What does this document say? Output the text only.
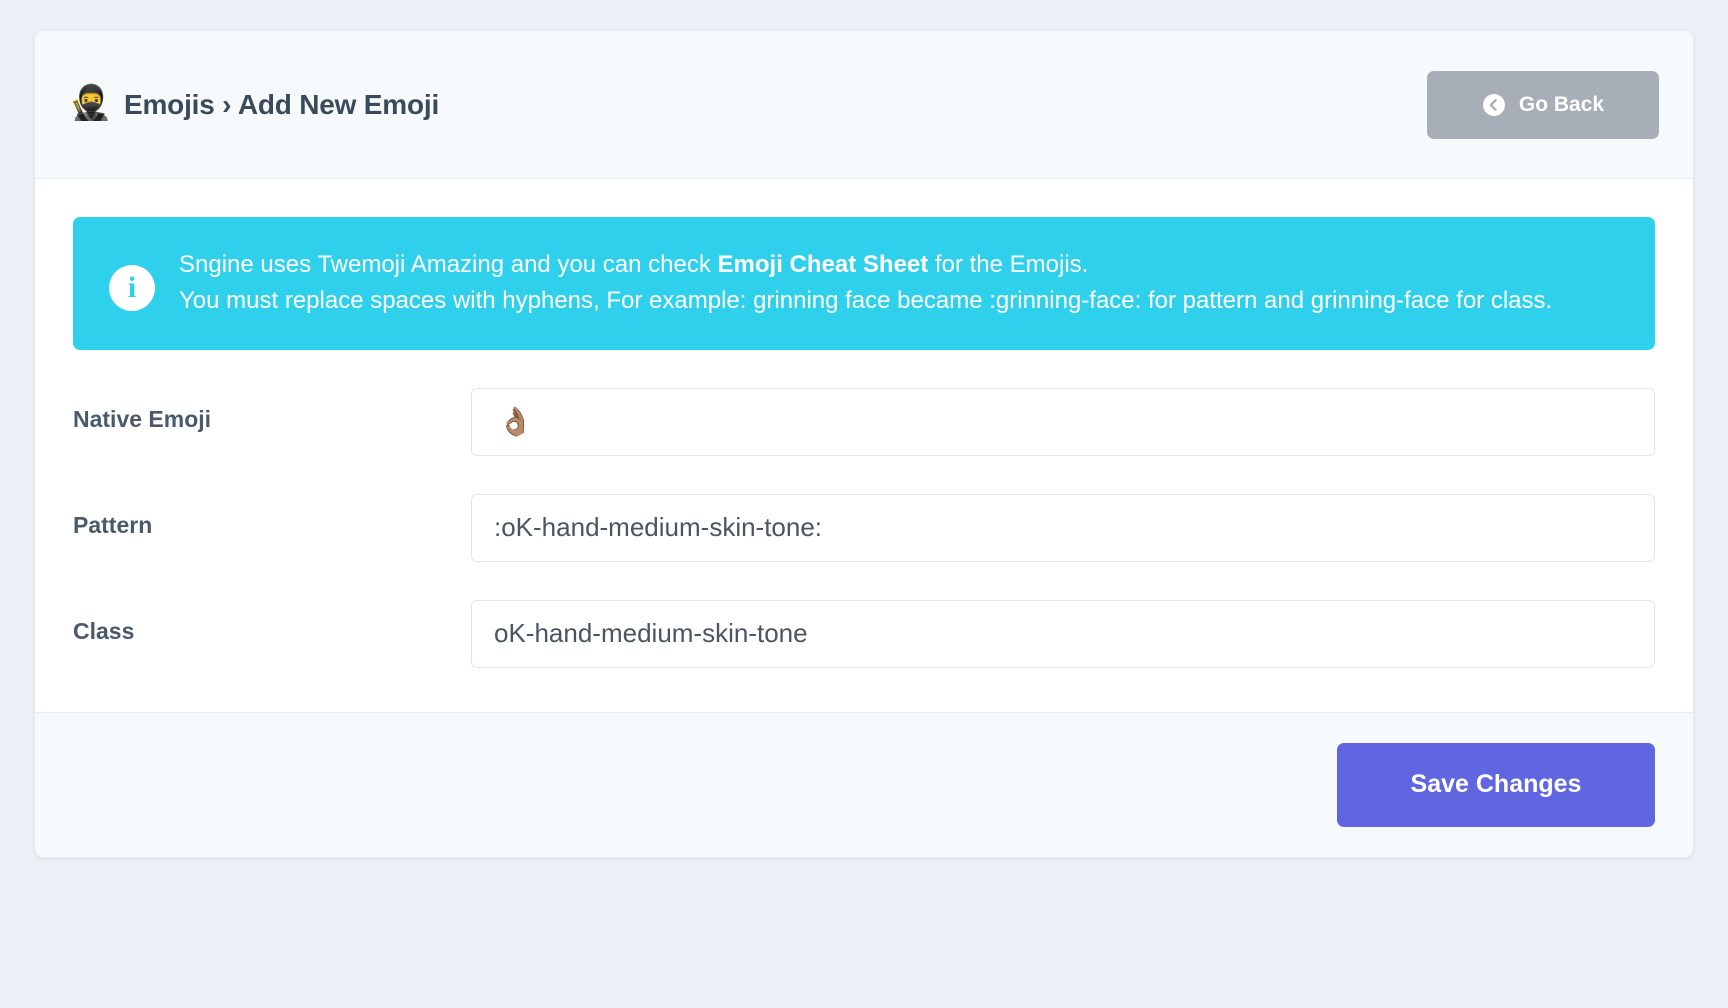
🥷 Emojis › Add New Emoji	Go Back
i
Sngine uses Twemoji Amazing and you can check Emoji Cheat Sheet for the Emojis.
You must replace spaces with hyphens, For example: grinning face became :grinning-face: for pattern and grinning-face for class.
Native Emoji
👌🏽
Pattern
:oK-hand-medium-skin-tone:
Class
oK-hand-medium-skin-tone
Save Changes
